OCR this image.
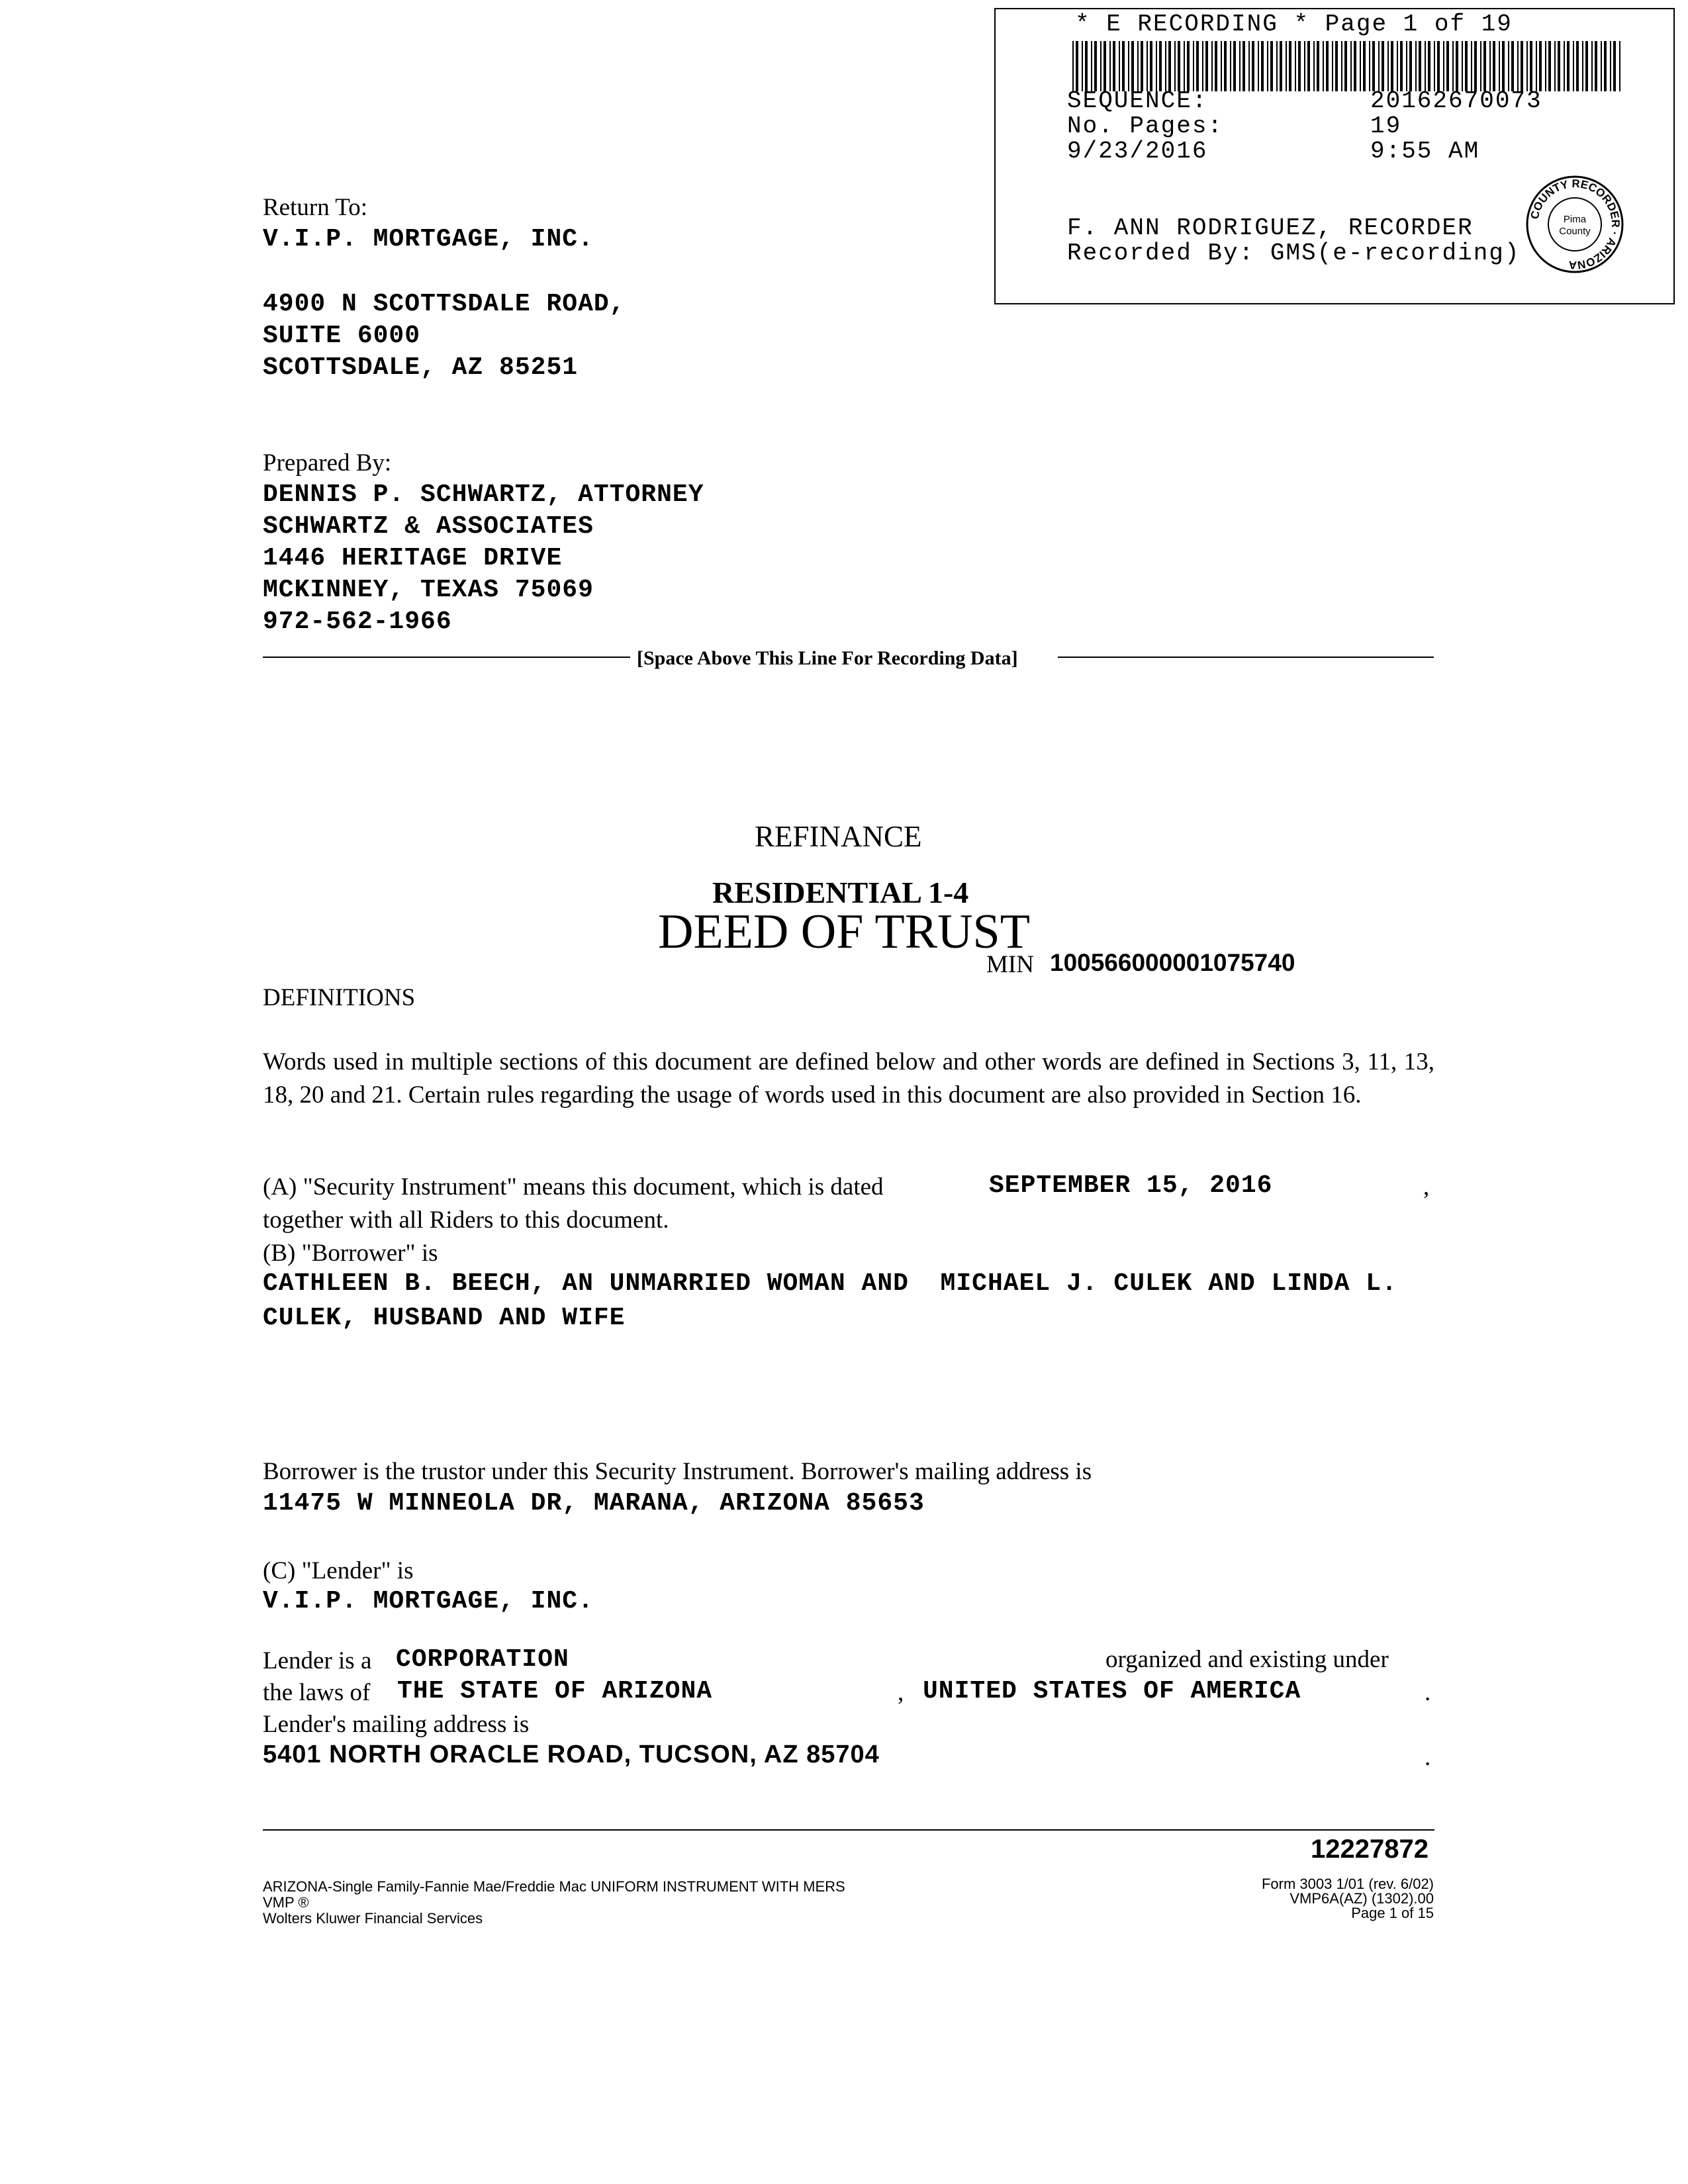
* E RECORDING * Page 1 of 19
SEQUENCE:	20162670073
No. Pages:	19
9/23/2016	9:55 AM
F. ANN RODRIGUEZ, RECORDER
Recorded By: GMS(e-recording)
COUNTY RECORDER · ARIZONA
Pima
County
Return To:
V.I.P. MORTGAGE, INC.
4900 N SCOTTSDALE ROAD,
SUITE 6000
SCOTTSDALE, AZ 85251
Prepared By:
DENNIS P. SCHWARTZ, ATTORNEY
SCHWARTZ & ASSOCIATES
1446 HERITAGE DRIVE
MCKINNEY, TEXAS 75069
972-562-1966
[Space Above This Line For Recording Data]
REFINANCE
RESIDENTIAL 1-4
DEED OF TRUST
MIN 100566000001075740
DEFINITIONS
Words used in multiple sections of this document are defined below and other words are defined in Sections 3, 11, 13, 18, 20 and 21. Certain rules regarding the usage of words used in this document are also provided in Section 16.
(A) "Security Instrument" means this document, which is dated	SEPTEMBER 15, 2016	,
together with all Riders to this document.
(B) "Borrower" is
CATHLEEN B. BEECH, AN UNMARRIED WOMAN AND  MICHAEL J. CULEK AND LINDA L.
CULEK, HUSBAND AND WIFE
Borrower is the trustor under this Security Instrument. Borrower's mailing address is
11475 W MINNEOLA DR, MARANA, ARIZONA 85653
(C) "Lender" is
V.I.P. MORTGAGE, INC.
Lender is a CORPORATION	organized and existing under
the laws of THE STATE OF ARIZONA	, UNITED STATES OF AMERICA	.
Lender's mailing address is
5401 NORTH ORACLE ROAD, TUCSON, AZ 85704	.
12227872
ARIZONA-Single Family-Fannie Mae/Freddie Mac UNIFORM INSTRUMENT WITH MERS
VMP ®
Wolters Kluwer Financial Services
Form 3003 1/01 (rev. 6/02)
VMP6A(AZ) (1302).00
Page 1 of 15
